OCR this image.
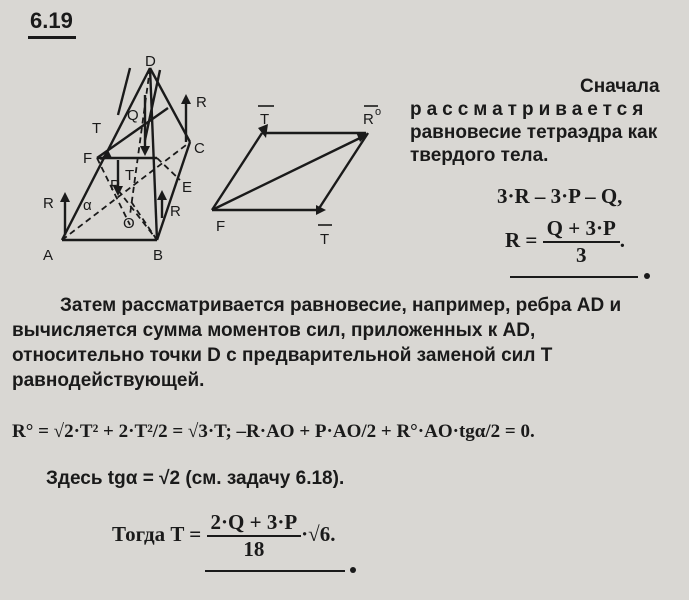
6.19
D
R
T
Q
C
F
P
T
E
R α	R
O
A	B
T	R o
F
T
Сначала
рассматривается
равновесие тетраэдра как
твердого тела.
3·R – 3·P – Q,
$R = \frac{Q + 3\cdot P}{3}$ .
Затем рассматривается равновесие, например, ребра AD и
вычисляется сумма моментов сил, приложенных к AD,
относительно точки D с предварительной заменой сил T
равнодействующей.
R° = √2·T² + 2·T²/2 = √3·T; –R·AO + P·AO/2 + R°·AO·tgα/2 = 0.
Здесь tgα = √2 (см. задачу 6.18).
Тогда $T = \frac{2\cdot Q + 3\cdot P}{18} \cdot√6$.
